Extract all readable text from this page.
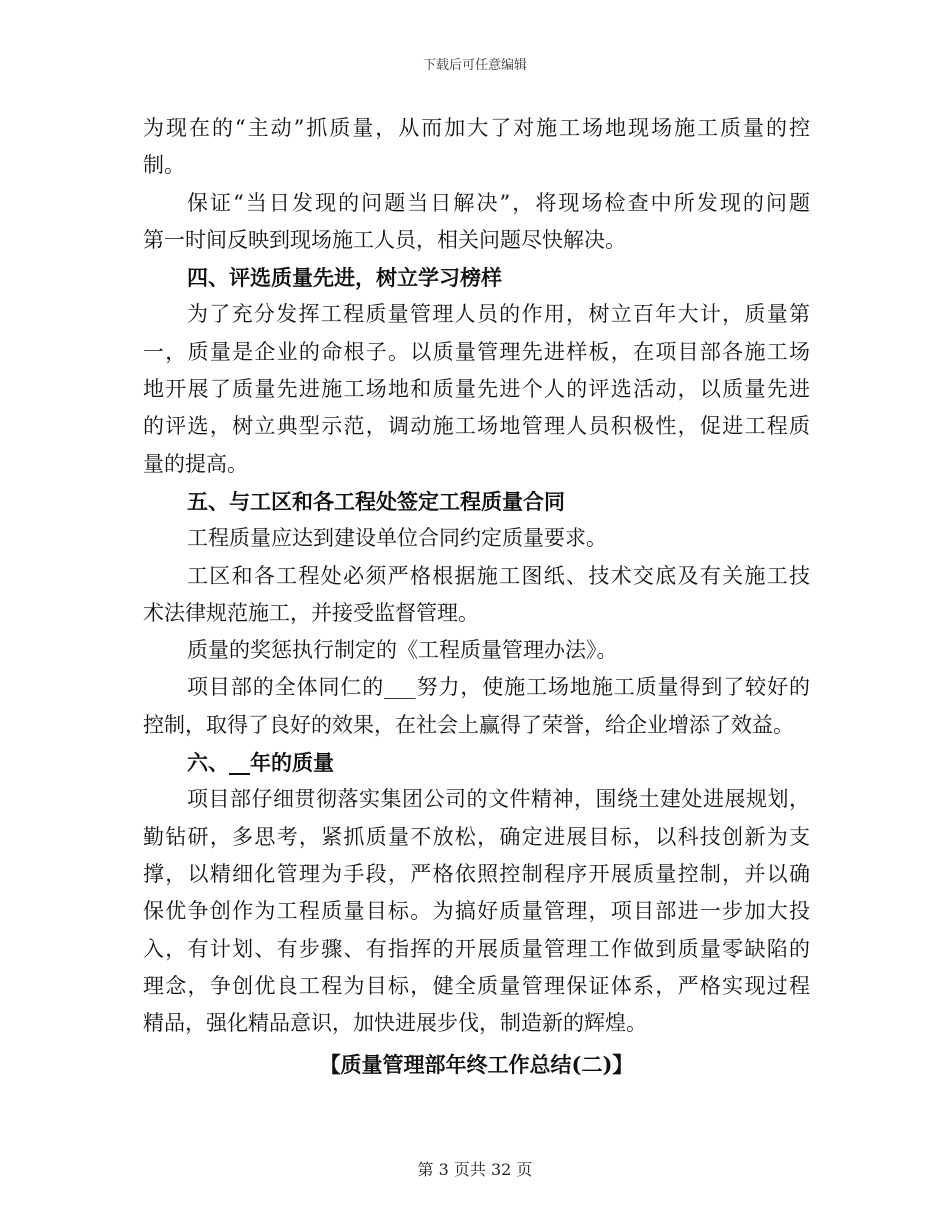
下载后可任意编辑
为现在的“主动”抓质量，从而加大了对施工场地现场施工质量的控
制。
保证“当日发现的问题当日解决”，将现场检查中所发现的问题
第一时间反映到现场施工人员，相关问题尽快解决。
四、评选质量先进，树立学习榜样
为了充分发挥工程质量管理人员的作用，树立百年大计，质量第
一，质量是企业的命根子。以质量管理先进样板，在项目部各施工场
地开展了质量先进施工场地和质量先进个人的评选活动，以质量先进
的评选，树立典型示范，调动施工场地管理人员积极性，促进工程质
量的提高。
五、与工区和各工程处签定工程质量合同
工程质量应达到建设单位合同约定质量要求。
工区和各工程处必须严格根据施工图纸、技术交底及有关施工技
术法律规范施工，并接受监督管理。
质量的奖惩执行制定的《工程质量管理办法》。
项目部的全体同仁的___努力，使施工场地施工质量得到了较好的
控制，取得了良好的效果，在社会上赢得了荣誉，给企业增添了效益。
六、__年的质量
项目部仔细贯彻落实集团公司的文件精神，围绕土建处进展规划，
勤钻研，多思考，紧抓质量不放松，确定进展目标，以科技创新为支
撑，以精细化管理为手段，严格依照控制程序开展质量控制，并以确
保优争创作为工程质量目标。为搞好质量管理，项目部进一步加大投
入，有计划、有步骤、有指挥的开展质量管理工作做到质量零缺陷的
理念，争创优良工程为目标，健全质量管理保证体系，严格实现过程
精品，强化精品意识，加快进展步伐，制造新的辉煌。
【质量管理部年终工作总结(二)】
第 3 页共 32 页
